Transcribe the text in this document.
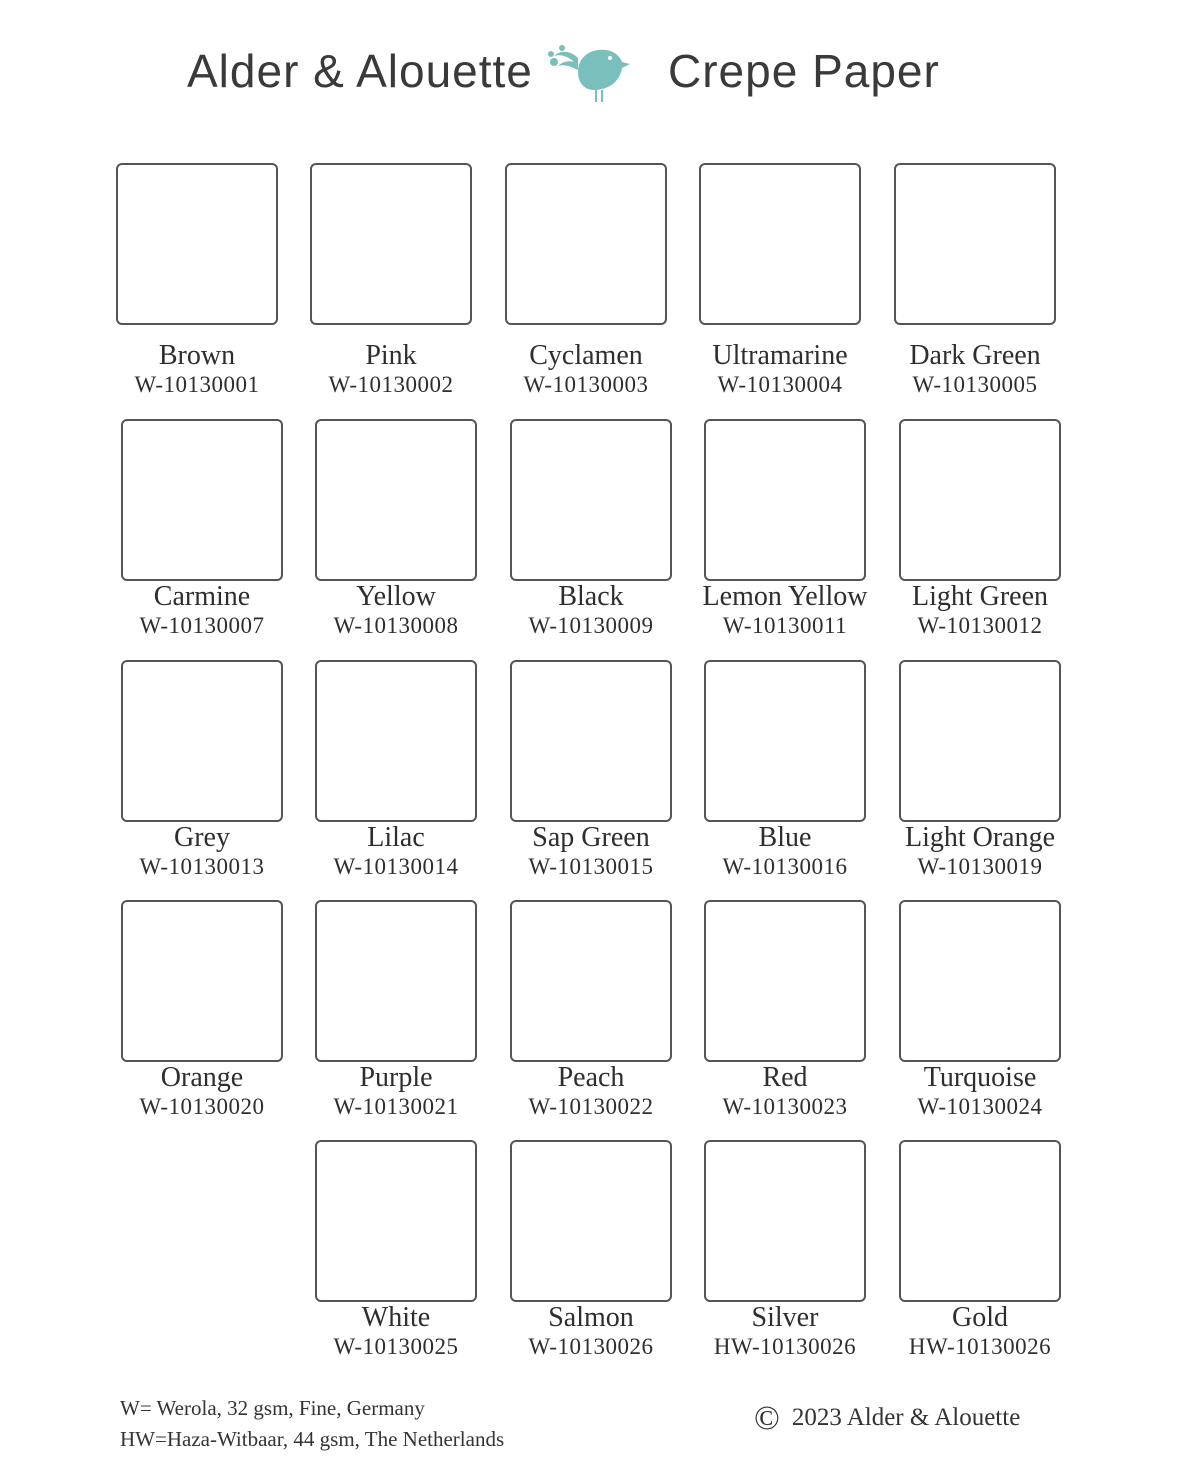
Alder & Alouette	Crepe Paper
Brown
W-10130001
Pink
W-10130002
Cyclamen
W-10130003
Ultramarine
W-10130004
Dark Green
W-10130005
Carmine
W-10130007
Yellow
W-10130008
Black
W-10130009
Lemon Yellow
W-10130011
Light Green
W-10130012
Grey
W-10130013
Lilac
W-10130014
Sap Green
W-10130015
Blue
W-10130016
Light Orange
W-10130019
Orange
W-10130020
Purple
W-10130021
Peach
W-10130022
Red
W-10130023
Turquoise
W-10130024
White
W-10130025
Salmon
W-10130026
Silver
HW-10130026
Gold
HW-10130026
W= Werola, 32 gsm, Fine, Germany
HW=Haza-Witbaar, 44 gsm, The Netherlands
© 2023 Alder & Alouette
